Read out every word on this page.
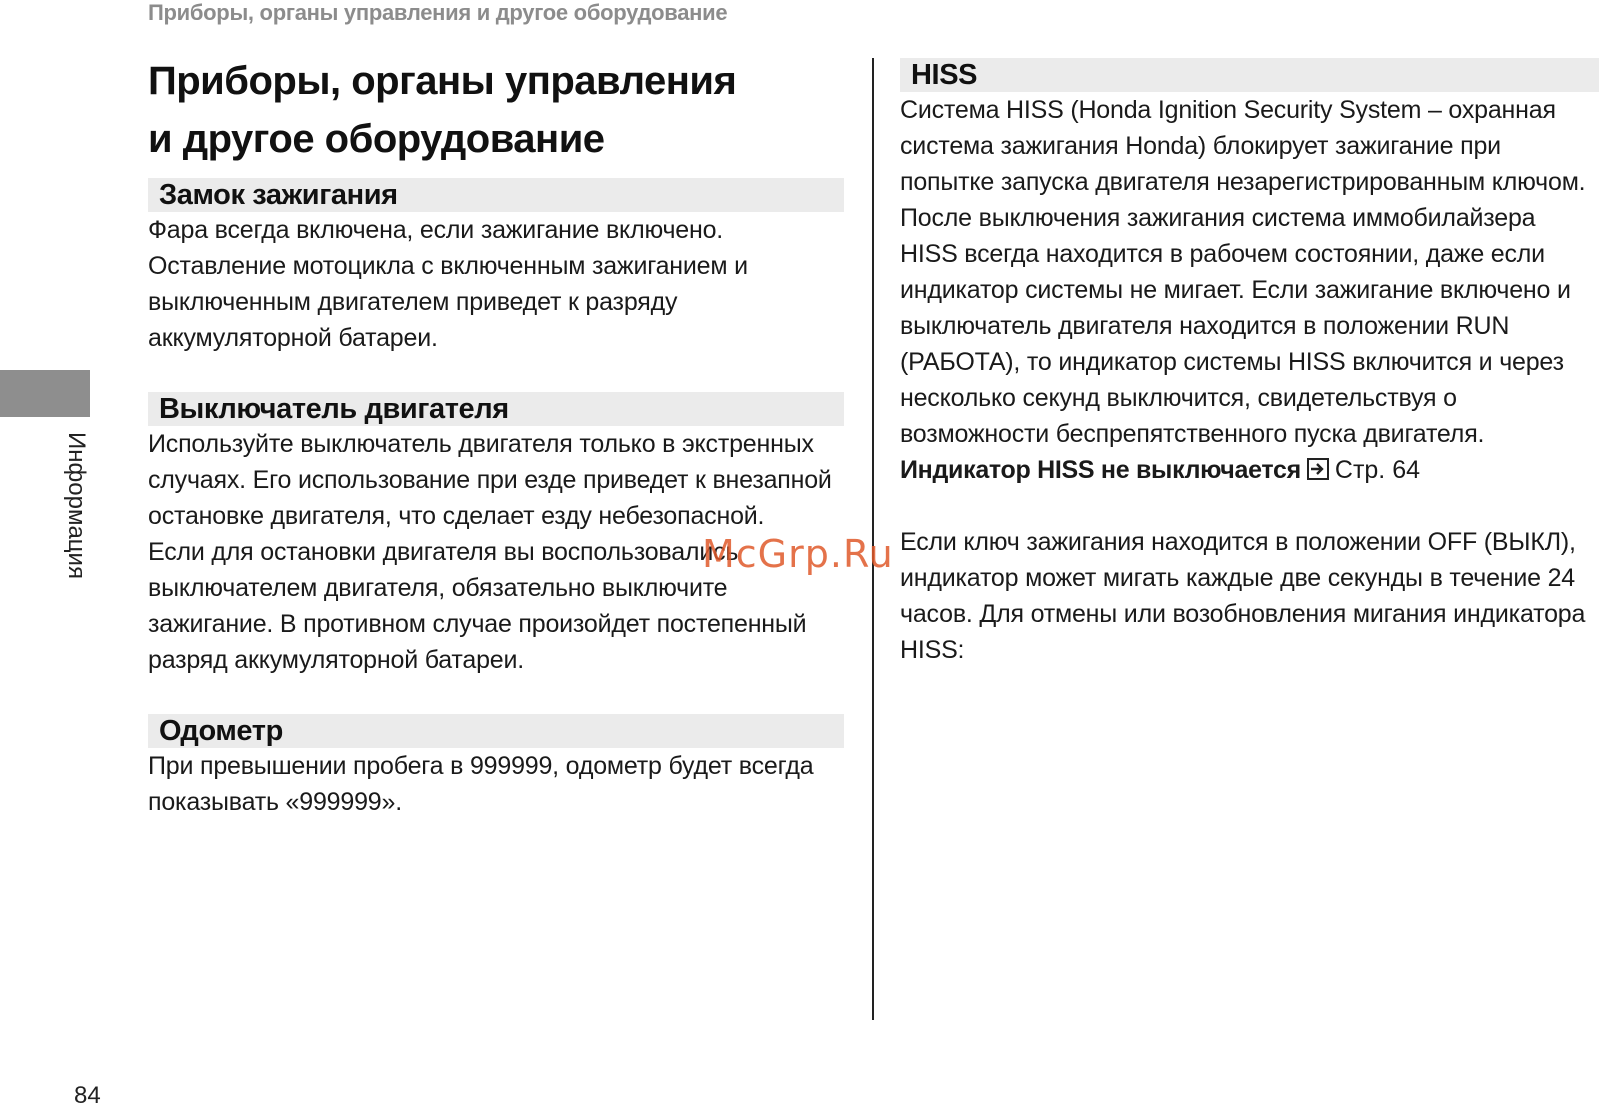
Приборы, органы управления и другое оборудование
Информация
Приборы, органы управления
и другое оборудование
Замок зажигания

Фара всегда включена, если зажигание включено. Оставление мотоцикла с включенным зажиганием и выключенным двигателем приведет к разряду аккумуляторной батареи.

Выключатель двигателя

Используйте выключатель двигателя только в экстренных случаях. Его использование при езде приведет к внезапной остановке двигателя, что сделает езду небезопасной.

Если для остановки двигателя вы воспользовались выключателем двигателя, обязательно выключите зажигание. В противном случае произойдет постепенный разряд аккумуляторной батареи.

Одометр

При превышении пробега в 999999, одометр будет всегда показывать «999999».

HISS

Система HISS (Honda Ignition Security System – охранная система зажигания Honda) блокирует зажигание при попытке запуска двигателя незарегистрированным ключом. После выключения зажигания система иммобилайзера HISS всегда находится в рабочем состоянии, даже если индикатор системы не мигает. Если зажигание включено и выключатель двигателя находится в положении RUN (РАБОТА), то индикатор системы HISS включится и через несколько секунд выключится, свидетельствуя о возможности беспрепятственного пуска двигателя.

Индикатор HISS не выключается Стр. 64

Если ключ зажигания находится в положении OFF (ВЫКЛ), индикатор может мигать каждые две секунды в течение 24 часов. Для отмены или возобновления мигания индикатора HISS:

McGrp.Ru
84
